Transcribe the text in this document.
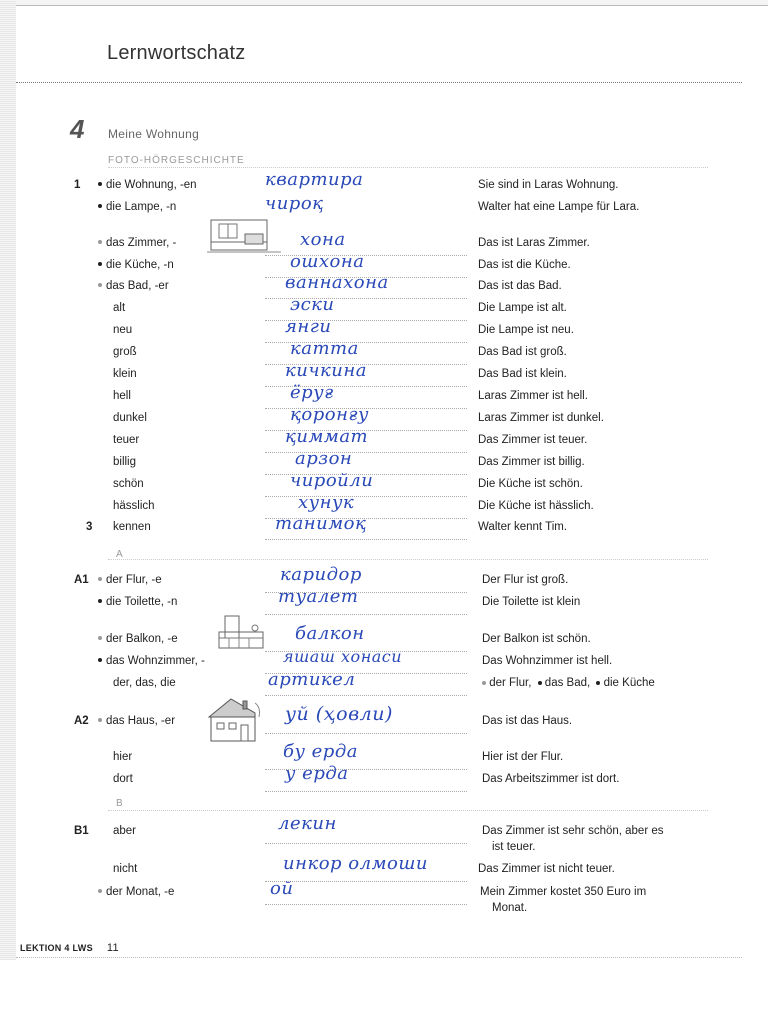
Lernwortschatz
4 Meine Wohnung
FOTO-HÖRGESCHICHTE
1	die Wohnung, -en	квартира	Sie sind in Laras Wohnung.
die Lampe, -n	чироқ	Walter hat eine Lampe für Lara.
das Zimmer, -	хона	Das ist Laras Zimmer.
die Küche, -n	ошхона	Das ist die Küche.
das Bad, -er	ваннахона	Das ist das Bad.
alt	эски	Die Lampe ist alt.
neu	янги	Die Lampe ist neu.
groß	катта	Das Bad ist groß.
klein	кичкина	Das Bad ist klein.
hell	ёруғ	Laras Zimmer ist hell.
dunkel	қоронғу	Laras Zimmer ist dunkel.
teuer	қиммат	Das Zimmer ist teuer.
billig	арзон	Das Zimmer ist billig.
schön	чиройли	Die Küche ist schön.
hässlich	хунук	Die Küche ist hässlich.
3 kennen	танимоқ	Walter kennt Tim.
A
A1	der Flur, -e	каридор	Der Flur ist groß.
die Toilette, -n	туалет	Die Toilette ist klein
der Balkon, -e	балкон	Der Balkon ist schön.
das Wohnzimmer, -	яшаш хонаси	Das Wohnzimmer ist hell.
der, das, die	артикел	der Flur, das Bad, die Küche
A2	das Haus, -er	уй (ҳовли)	Das ist das Haus.
hier	бу ерда	Hier ist der Flur.
dort	у ерда	Das Arbeitszimmer ist dort.
B
B1 aber	лекин	Das Zimmer ist sehr schön, aber es
ist teuer.
nicht	инкор олмоши	Das Zimmer ist nicht teuer.
der Monat, -e	ой	Mein Zimmer kostet 350 Euro im
Monat.
LEKTION 4 LWS 11
